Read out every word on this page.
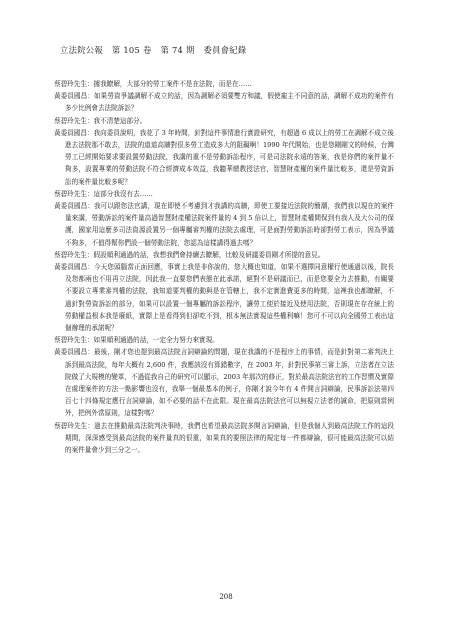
立法院公報 第 105 卷 第 74 期 委員會紀錄

蔡碧玲先生：據我瞭解，大部分的勞工案件不是在法院，而是在……

黃委員國昌：如果勞資爭議調解不成立的話，因為調解必須要雙方和議，假使雇主不同意的話，調解不成功的案件有多少比例會去法院訴訟？

蔡碧玲先生：我不清楚這部分。

黃委員國昌：我向委員說明，我花了 3 年時間，針對這件事情進行實證研究，有超過 6 成以上的勞工在調解不成立後進去法院那不敢去，法院的道道高牆對很多勞工造成多大的阻礙啊！1990 年代開始，也是您剛剛文的時候，台灣勞工已經開始要求要設置勞動法院，我講的重不是勞動訴訟程序，可是司法院永遠的答案，我是你們的案件量不夠多，設置專業的勞動法院不符合經濟成本效益，我聽華總教授法官，智慧財產權的案件量比較多，還是勞資訴訟的案件量比較多呢？

蔡碧玲先生：這部分我沒有去……

黃委員國昌：我可以跟您法官講，現在即使不考慮到才我講的高牆，即使工要接近法院的簡潮，我們我以現在的案件量來講，勞動訴訟的案件量高過智慧財產權法院案件量的 4 到 5 倍以上，智慧財產權間保到有我人及大公司的保護，國家用這麼多司法資源設置另一個專屬審判權的法院去處理，可是面對勞動訴訟時卻對勞工表示，因為爭議不夠多，不值得幫你們設一個勞動法院，您認為這樣講得過去嗎？

蔡碧玲先生：假設順利通過的話，我想我們會持續去瞭解，比較及研議委員剛才所提的意見。

黃委員國昌：今天您頭腦當正面回應，事實上我是非你說的，您大概也知道，如果不選擇同意權行使通過以後，院長及您都兩也不用再立法院，因此我一直要您們表態在此承諾，絕對不是研議而已，而是您要全力去推動，有關要不要設立專業審判權的法院，我知道要判權的動與是在管轄上，我不定實進費更多的時間，這裡我也都瞭解，不過針對勞資訴訟的部分，如果可以設置一個專屬的訴訟程序，讓勞工便於接近及使用法院，否則現在存在統上的勞動權益根本我是廢紙，實際上是看得到但卻吃不到，根本無法實現這些權利嘛！您可不可以向全國勞工表出這個辦理的承諾呢？

蔡碧玲先生：如果順利通過的話，一定全力努力來實現。

黃委員國昌：最後，剛才您也提到最高法院言詞辯論的問題，現在我講的不是程序上的事情，而是針對第二審判決上訴到最高法院，每年大概有 2,600 件，我應該沒有算錯數字，在 2003 年，針對民事第三審上訴，立法者在立法院做了大規模的變革，不過從我自己的研究可以顯示，2003 年那次的修正，對於最高法院法官的工作習慣及實際在處理案件的方法一點影響也沒有，我舉一個最基本的例子，你剛才說今年有 4 件開言詞辯論，民事訴訟法第四百七十四條規定應行言詞辯論，如不必要的話不在此限。現在最高法院法官可以無視立法者的誠命，把原則當例外，把例外當原則，這樣對嗎？

蔡碧玲先生：過去在推動最高法院判決事時，我們也希望最高法院多開言詞辯論，但是我個人到最高法院工作的這段期間，深深感受到最高法院的案件量真的很重，如果真的要照法律的規定每一件都辯論，很可能最高法院可以結的案件量會少到三分之一。

208
